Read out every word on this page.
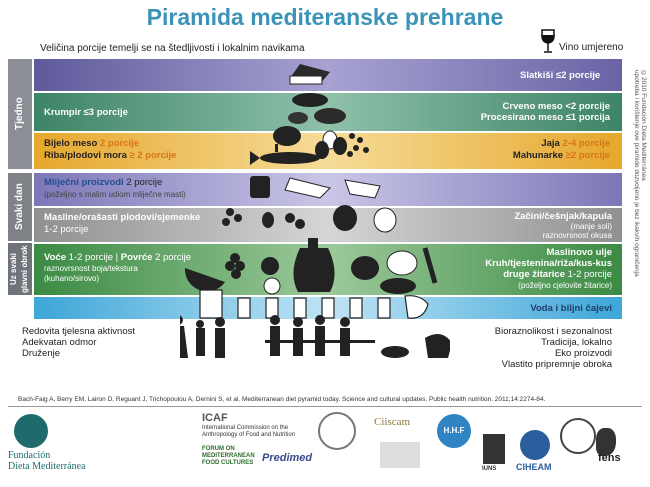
Piramida mediteranske prehrane
Veličina porcije temelji se na štedljivosti i lokalnim navikama	Vino umjereno
Tjedno
Svaki dan
Uz svaki glavni obrok
Slatkiši ≤2 porcije
Krumpir ≤3 porcije
Crveno meso <2 porcije
Procesirano meso ≤1 porcija
Bijelo meso 2 porcije
Riba/plodovi mora ≥ 2 porcije
Jaja 2-4 porcije
Mahunarke ≥2 porcije
Mliječni proizvodi 2 porcije
(poželjno s malim udiom mliječne masti)
Masline/orašasti plodovi/sjemenke
1-2 porcije
Začini/češnjak/kapula
(manje soli)
raznovrsnost okusa
Voće 1-2 porcije | Povrće 2 porcije
raznovrsnost boja/tekstura
(kuhano/sirovo)
Maslinovo ulje
Kruh/tjestenina/riža/kus-kus
druge žitarice 1-2 porcije
(poželjno cjelovite žitarice)
Voda i biljni čajevi
Redovita tjelesna aktivnost
Adekvatan odmor
Druženje
Bioraznolikost i sezonalnost
Tradicija, lokalno
Eko proizvodi
Vlastito pripremnje obroka
©2010 Fundación Dieta Mediterránea
upotreba i korištenje ove piramide dozvoljeno je bez ikakvih ograničenja
Bach-Faig A, Berry EM, Lairon D, Reguant J, Trichopoulou A, Dernini S, et al. Mediterranean diet pyramid today. Science and cultural updates. Public health nutrition. 2011;14:2274-84.
Fundación
Dieta Mediterránea
ICAF
International Commission on the
Anthropology of Food and Nutrition
FORUM ON
MEDITERRANEAN
FOOD CULTURES Predimed
Ciiscam
H.H.F
IUNS CIHEAM
fens
